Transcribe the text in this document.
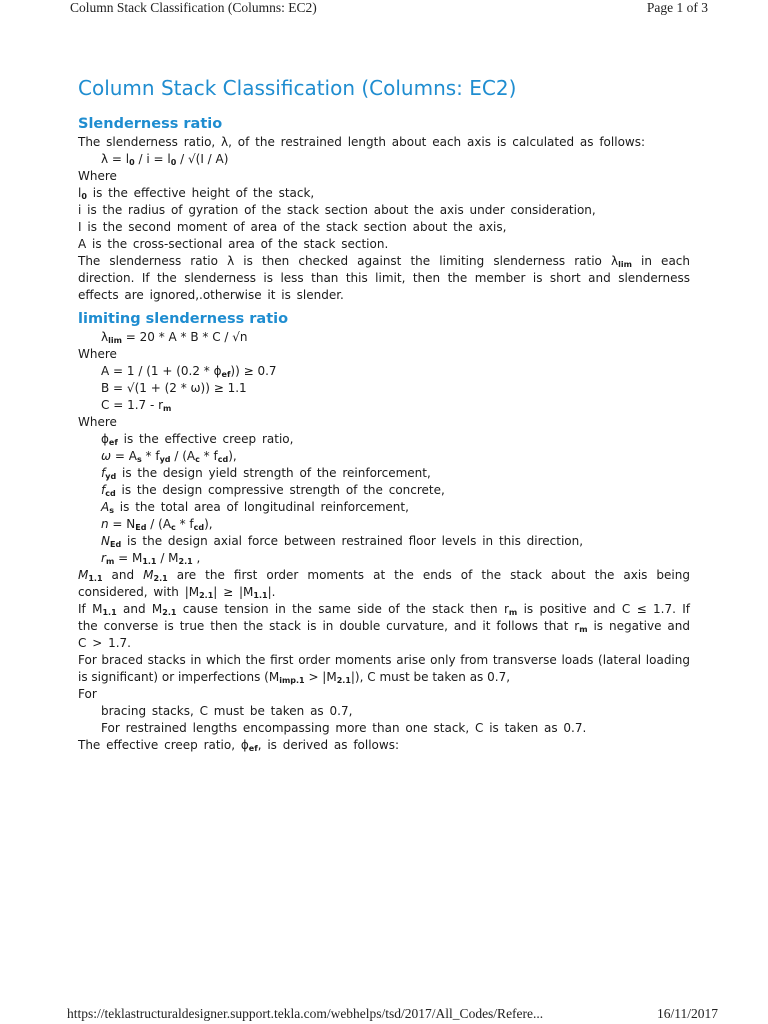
Column Stack Classification (Columns: EC2)	Page 1 of 3
Column Stack Classification (Columns: EC2)
Slenderness ratio

The slenderness ratio, λ, of the restrained length about each axis is calculated as follows:

$\lambda = l_0 / i = l_0 / √(I / A)$

Where

$l_0$ is the effective height of the stack,

i is the radius of gyration of the stack section about the axis under consideration,

I is the second moment of area of the stack section about the axis,

A is the cross-sectional area of the stack section.

The slenderness ratio λ is then checked against the limiting slenderness ratio $\lambda_{lim}$ in each direction. If the slenderness is less than this limit, then the member is short and slenderness effects are ignored,.otherwise it is slender.

limiting slenderness ratio

$\lambda_{lim} = 20 * A * B * C / √n$

Where

$A = 1 / (1 + (0.2 * \phi_{ef})) \ge 0.7$

B = √(1 + (2 * ω)) ≥ 1.1

$C = 1.7 - r_m$

Where

$\phi_{ef}$ is the effective creep ratio,

$\omega = A_s * f_{yd} / (A_c * f_{cd})$,

$f_{yd}$ is the design yield strength of the reinforcement,

$f_{cd}$ is the design compressive strength of the concrete,

$A_s$ is the total area of longitudinal reinforcement,

$n = N_{Ed} / (A_c * f_{cd})$,

$N_{Ed}$ is the design axial force between restrained floor levels in this direction,

$r_m = M_{1.1} / M_{2.1}$ ,

$M_{1.1}$ and $M_{2.1}$ are the first order moments at the ends of the stack about the axis being considered, with $|M_{2.1}| \ge |M_{1.1}|$.

If $M_{1.1}$ and $M_{2.1}$ cause tension in the same side of the stack then $r_m$ is positive and C ≤ 1.7. If the converse is true then the stack is in double curvature, and it follows that $r_m$ is negative and C > 1.7.

For braced stacks in which the first order moments arise only from transverse loads (lateral loading is significant) or imperfections $(M_{imp.1} > |M_{2.1}|)$, C must be taken as 0.7,

For

bracing stacks, C must be taken as 0.7,

For restrained lengths encompassing more than one stack, C is taken as 0.7.

The effective creep ratio, $\phi_{ef}$, is derived as follows:

https://teklastructuraldesigner.support.tekla.com/webhelps/tsd/2017/All_Codes/Refere...	16/11/2017
